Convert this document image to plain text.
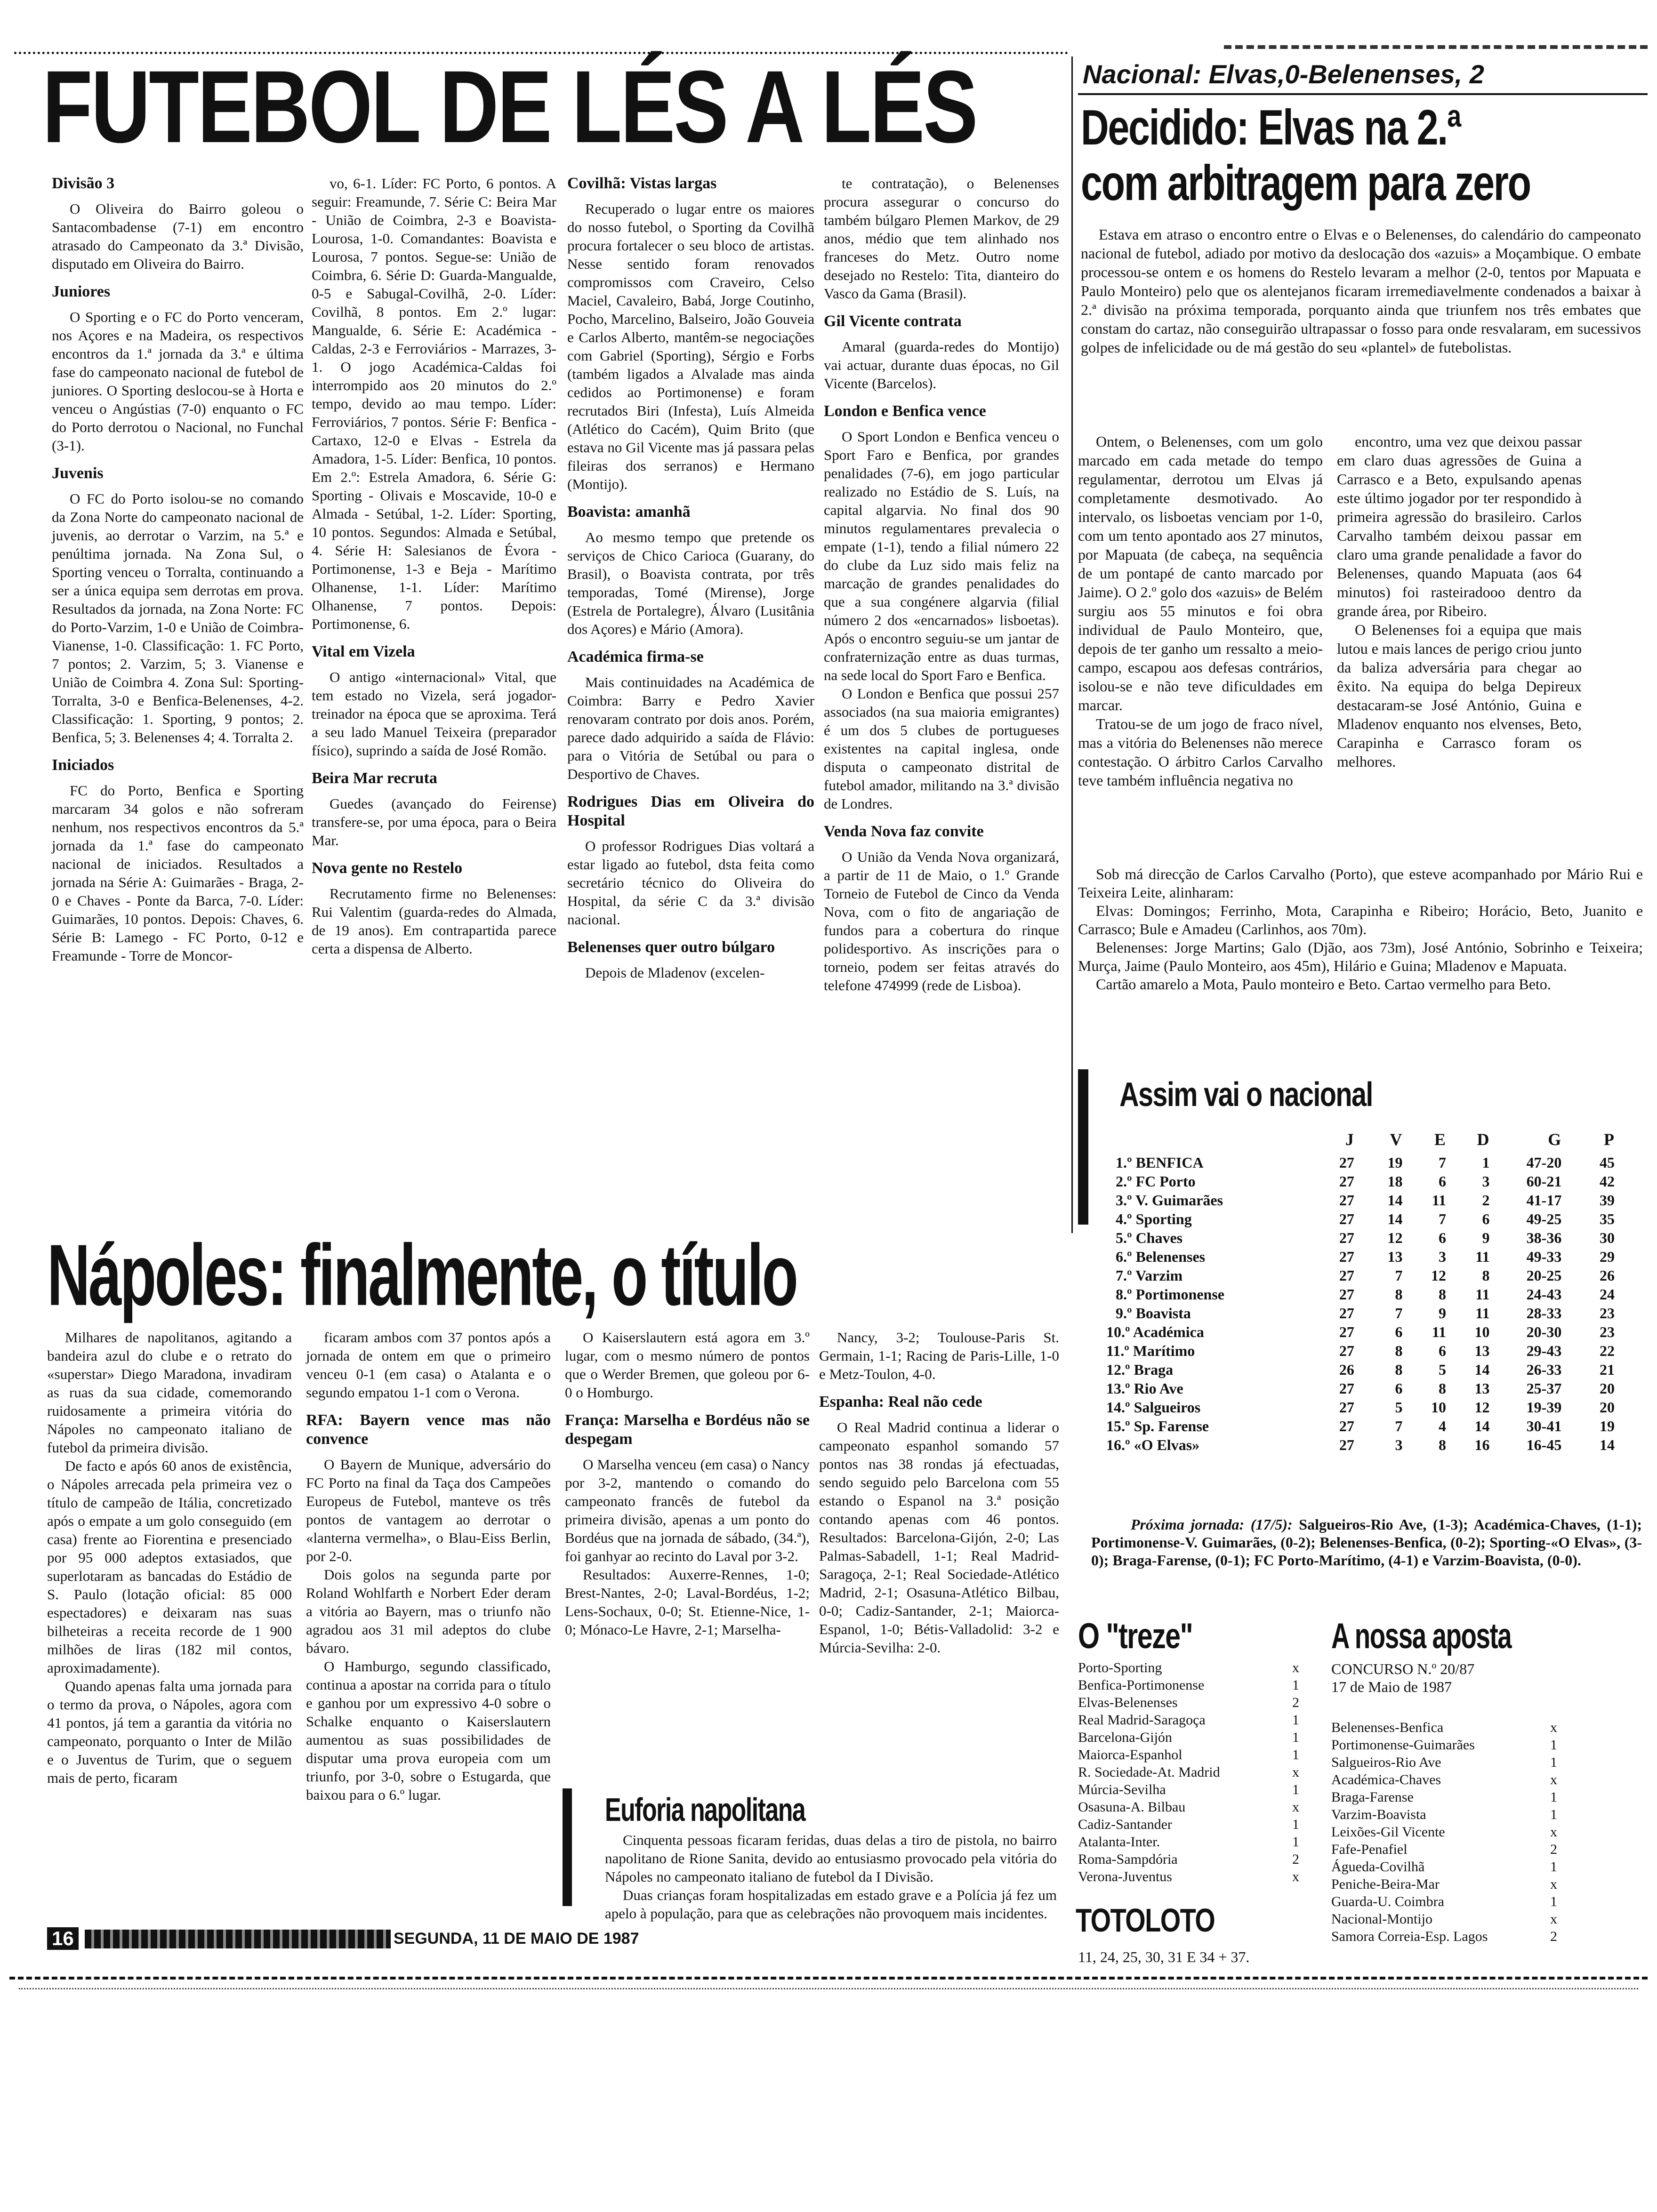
FUTEBOL DE LÉS A LÉS	Nacional: Elvas,0-Belenenses, 2
Decidido: Elvas na 2.ª
com arbitragem para zero
Divisão 3

O Oliveira do Bairro goleou o Santacombadense (7-1) em encontro atrasado do Campeonato da 3.ª Divisão, disputado em Oliveira do Bairro.

Juniores

O Sporting e o FC do Porto venceram, nos Açores e na Madeira, os respectivos encontros da 1.ª jornada da 3.ª e última fase do campeonato nacional de futebol de juniores. O Sporting deslocou-se à Horta e venceu o Angústias (7-0) enquanto o FC do Porto derrotou o Nacional, no Funchal (3-1).

Juvenis

O FC do Porto isolou-se no comando da Zona Norte do campeonato nacional de juvenis, ao derrotar o Varzim, na 5.ª e penúltima jornada. Na Zona Sul, o Sporting venceu o Torralta, continuando a ser a única equipa sem derrotas em prova. Resultados da jornada, na Zona Norte: FC do Porto-Varzim, 1-0 e União de Coimbra-Vianense, 1-0. Classificação: 1. FC Porto, 7 pontos; 2. Varzim, 5; 3. Vianense e União de Coimbra 4. Zona Sul: Sporting-Torralta, 3-0 e Benfica-Belenenses, 4-2. Classificação: 1. Sporting, 9 pontos; 2. Benfica, 5; 3. Belenenses 4; 4. Torralta 2.

Iniciados

FC do Porto, Benfica e Sporting marcaram 34 golos e não sofreram nenhum, nos respectivos encontros da 5.ª jornada da 1.ª fase do campeonato nacional de iniciados. Resultados a jornada na Série A: Guimarães - Braga, 2-0 e Chaves - Ponte da Barca, 7-0. Líder: Guimarães, 10 pontos. Depois: Chaves, 6. Série B: Lamego - FC Porto, 0-12 e Freamunde - Torre de Moncor-

vo, 6-1. Líder: FC Porto, 6 pontos. A seguir: Freamunde, 7. Série C: Beira Mar - União de Coimbra, 2-3 e Boavista-Lourosa, 1-0. Comandantes: Boavista e Lourosa, 7 pontos. Segue-se: União de Coimbra, 6. Série D: Guarda-Mangualde, 0-5 e Sabugal-Covilhã, 2-0. Líder: Covilhã, 8 pontos. Em 2.º lugar: Mangualde, 6. Série E: Académica - Caldas, 2-3 e Ferroviários - Marrazes, 3-1. O jogo Académica-Caldas foi interrompido aos 20 minutos do 2.º tempo, devido ao mau tempo. Líder: Ferroviários, 7 pontos. Série F: Benfica - Cartaxo, 12-0 e Elvas - Estrela da Amadora, 1-5. Líder: Benfica, 10 pontos. Em 2.º: Estrela Amadora, 6. Série G: Sporting - Olivais e Moscavide, 10-0 e Almada - Setúbal, 1-2. Líder: Sporting, 10 pontos. Segundos: Almada e Setúbal, 4. Série H: Salesianos de Évora - Portimonense, 1-3 e Beja - Marítimo Olhanense, 1-1. Líder: Marítimo Olhanense, 7 pontos. Depois: Portimonense, 6.

Vital em Vizela

O antigo «internacional» Vital, que tem estado no Vizela, será jogador-treinador na época que se aproxima. Terá a seu lado Manuel Teixeira (preparador físico), suprindo a saída de José Romão.

Beira Mar recruta

Guedes (avançado do Feirense) transfere-se, por uma época, para o Beira Mar.

Nova gente no Restelo

Recrutamento firme no Belenenses: Rui Valentim (guarda-redes do Almada, de 19 anos). Em contrapartida parece certa a dispensa de Alberto.

Covilhã: Vistas largas

Recuperado o lugar entre os maiores do nosso futebol, o Sporting da Covilhã procura fortalecer o seu bloco de artistas. Nesse sentido foram renovados compromissos com Craveiro, Celso Maciel, Cavaleiro, Babá, Jorge Coutinho, Pocho, Marcelino, Balseiro, João Gouveia e Carlos Alberto, mantêm-se negociações com Gabriel (Sporting), Sérgio e Forbs (também ligados a Alvalade mas ainda cedidos ao Portimonense) e foram recrutados Biri (Infesta), Luís Almeida (Atlético do Cacém), Quim Brito (que estava no Gil Vicente mas já passara pelas fileiras dos serranos) e Hermano (Montijo).

Boavista: amanhã

Ao mesmo tempo que pretende os serviços de Chico Carioca (Guarany, do Brasil), o Boavista contrata, por três temporadas, Tomé (Mirense), Jorge (Estrela de Portalegre), Álvaro (Lusitânia dos Açores) e Mário (Amora).

Académica firma-se

Mais continuidades na Académica de Coimbra: Barry e Pedro Xavier renovaram contrato por dois anos. Porém, parece dado adquirido a saída de Flávio: para o Vitória de Setúbal ou para o Desportivo de Chaves.

Rodrigues Dias em Oliveira do Hospital

O professor Rodrigues Dias voltará a estar ligado ao futebol, dsta feita como secretário técnico do Oliveira do Hospital, da série C da 3.ª divisão nacional.

Belenenses quer outro búlgaro

Depois de Mladenov (excelen-

te contratação), o Belenenses procura assegurar o concurso do também búlgaro Plemen Markov, de 29 anos, médio que tem alinhado nos franceses do Metz. Outro nome desejado no Restelo: Tita, dianteiro do Vasco da Gama (Brasil).

Gil Vicente contrata

Amaral (guarda-redes do Montijo) vai actuar, durante duas épocas, no Gil Vicente (Barcelos).

London e Benfica vence

O Sport London e Benfica venceu o Sport Faro e Benfica, por grandes penalidades (7-6), em jogo particular realizado no Estádio de S. Luís, na capital algarvia. No final dos 90 minutos regulamentares prevalecia o empate (1-1), tendo a filial número 22 do clube da Luz sido mais feliz na marcação de grandes penalidades do que a sua congénere algarvia (filial número 2 dos «encarnados» lisboetas). Após o encontro seguiu-se um jantar de confraternização entre as duas turmas, na sede local do Sport Faro e Benfica.

O London e Benfica que possui 257 associados (na sua maioria emigrantes) é um dos 5 clubes de portugueses existentes na capital inglesa, onde disputa o campeonato distrital de futebol amador, militando na 3.ª divisão de Londres.

Venda Nova faz convite

O União da Venda Nova organizará, a partir de 11 de Maio, o 1.º Grande Torneio de Futebol de Cinco da Venda Nova, com o fito de angariação de fundos para a cobertura do rinque polidesportivo. As inscrições para o torneio, podem ser feitas através do telefone 474999 (rede de Lisboa).

Estava em atraso o encontro entre o Elvas e o Belenenses, do calendário do campeonato nacional de futebol, adiado por motivo da deslocação dos «azuis» a Moçambique. O embate processou-se ontem e os homens do Restelo levaram a melhor (2-0, tentos por Mapuata e Paulo Monteiro) pelo que os alentejanos ficaram irremediavelmente condenados a baixar à 2.ª divisão na próxima temporada, porquanto ainda que triunfem nos três embates que constam do cartaz, não conseguirão ultrapassar o fosso para onde resvalaram, em sucessivos golpes de infelicidade ou de má gestão do seu «plantel» de futebolistas.

Ontem, o Belenenses, com um golo marcado em cada metade do tempo regulamentar, derrotou um Elvas já completamente desmotivado. Ao intervalo, os lisboetas venciam por 1-0, com um tento apontado aos 27 minutos, por Mapuata (de cabeça, na sequência de um pontapé de canto marcado por Jaime). O 2.º golo dos «azuis» de Belém surgiu aos 55 minutos e foi obra individual de Paulo Monteiro, que, depois de ter ganho um ressalto a meio-campo, escapou aos defesas contrários, isolou-se e não teve dificuldades em marcar.

Tratou-se de um jogo de fraco nível, mas a vitória do Belenenses não merece contestação. O árbitro Carlos Carvalho teve também influência negativa no

encontro, uma vez que deixou passar em claro duas agressões de Guina a Carrasco e a Beto, expulsando apenas este último jogador por ter respondido à primeira agressão do brasileiro. Carlos Carvalho também deixou passar em claro uma grande penalidade a favor do Belenenses, quando Mapuata (aos 64 minutos) foi rasteiradooo dentro da grande área, por Ribeiro.

O Belenenses foi a equipa que mais lutou e mais lances de perigo criou junto da baliza adversária para chegar ao êxito. Na equipa do belga Depireux destacaram-se José António, Guina e Mladenov enquanto nos elvenses, Beto, Carapinha e Carrasco foram os melhores.

Sob má direcção de Carlos Carvalho (Porto), que esteve acompanhado por Mário Rui e Teixeira Leite, alinharam:

Elvas: Domingos; Ferrinho, Mota, Carapinha e Ribeiro; Horácio, Beto, Juanito e Carrasco; Bule e Amadeu (Carlinhos, aos 70m).

Belenenses: Jorge Martins; Galo (Djão, aos 73m), José António, Sobrinho e Teixeira; Murça, Jaime (Paulo Monteiro, aos 45m), Hilário e Guina; Mladenov e Mapuata.

Cartão amarelo a Mota, Paulo monteiro e Beto. Cartao vermelho para Beto.

Assim vai o nacional
	J	V	E	D	G	P
1.º BENFICA	27	19	7	1	47-20	45
2.º FC Porto	27	18	6	3	60-21	42
3.º V. Guimarães	27	14	11	2	41-17	39
4.º Sporting	27	14	7	6	49-25	35
5.º Chaves	27	12	6	9	38-36	30
6.º Belenenses	27	13	3	11	49-33	29
7.º Varzim	27	7	12	8	20-25	26
8.º Portimonense	27	8	8	11	24-43	24
9.º Boavista	27	7	9	11	28-33	23
10.º Académica	27	6	11	10	20-30	23
11.º Marítimo	27	8	6	13	29-43	22
12.º Braga	26	8	5	14	26-33	21
13.º Rio Ave	27	6	8	13	25-37	20
14.º Salgueiros	27	5	10	12	19-39	20
15.º Sp. Farense	27	7	4	14	30-41	19
16.º «O Elvas»	27	3	8	16	16-45	14
Próxima jornada: (17/5): Salgueiros-Rio Ave, (1-3); Académica-Chaves, (1-1); Portimonense-V. Guimarães, (0-2); Belenenses-Benfica, (0-2); Sporting-«O Elvas», (3-0); Braga-Farense, (0-1); FC Porto-Marítimo, (4-1) e Varzim-Boavista, (0-0).
O "treze"
Porto-Sporting	x
Benfica-Portimonense	1
Elvas-Belenenses	2
Real Madrid-Saragoça	1
Barcelona-Gijón	1
Maiorca-Espanhol	1
R. Sociedade-At. Madrid	x
Múrcia-Sevilha	1
Osasuna-A. Bilbau	x
Cadiz-Santander	1
Atalanta-Inter.	1
Roma-Sampdória	2
Verona-Juventus	x
TOTOLOTO
11, 24, 25, 30, 31 E 34 + 37.
A nossa aposta
CONCURSO N.º 20/87
17 de Maio de 1987
Belenenses-Benfica	x
Portimonense-Guimarães	1
Salgueiros-Rio Ave	1
Académica-Chaves	x
Braga-Farense	1
Varzim-Boavista	1
Leixões-Gil Vicente	x
Fafe-Penafiel	2
Águeda-Covilhã	1
Peniche-Beira-Mar	x
Guarda-U. Coimbra	1
Nacional-Montijo	x
Samora Correia-Esp. Lagos	2
Nápoles: finalmente, o título

Milhares de napolitanos, agitando a bandeira azul do clube e o retrato do «superstar» Diego Maradona, invadiram as ruas da sua cidade, comemorando ruidosamente a primeira vitória do Nápoles no campeonato italiano de futebol da primeira divisão.

De facto e após 60 anos de existência, o Nápoles arrecada pela primeira vez o título de campeão de Itália, concretizado após o empate a um golo conseguido (em casa) frente ao Fiorentina e presenciado por 95 000 adeptos extasiados, que superlotaram as bancadas do Estádio de S. Paulo (lotação oficial: 85 000 espectadores) e deixaram nas suas bilheteiras a receita recorde de 1 900 milhões de liras (182 mil contos, aproximadamente).

Quando apenas falta uma jornada para o termo da prova, o Nápoles, agora com 41 pontos, já tem a garantia da vitória no campeonato, porquanto o Inter de Milão e o Juventus de Turim, que o seguem mais de perto, ficaram

ficaram ambos com 37 pontos após a jornada de ontem em que o primeiro venceu 0-1 (em casa) o Atalanta e o segundo empatou 1-1 com o Verona.

RFA: Bayern vence mas não convence

O Bayern de Munique, adversário do FC Porto na final da Taça dos Campeões Europeus de Futebol, manteve os três pontos de vantagem ao derrotar o «lanterna vermelha», o Blau-Eiss Berlin, por 2-0.

Dois golos na segunda parte por Roland Wohlfarth e Norbert Eder deram a vitória ao Bayern, mas o triunfo não agradou aos 31 mil adeptos do clube bávaro.

O Hamburgo, segundo classificado, continua a apostar na corrida para o título e ganhou por um expressivo 4-0 sobre o Schalke enquanto o Kaiserslautern aumentou as suas possibilidades de disputar uma prova europeia com um triunfo, por 3-0, sobre o Estugarda, que baixou para o 6.º lugar.

O Kaiserslautern está agora em 3.º lugar, com o mesmo número de pontos que o Werder Bremen, que goleou por 6-0 o Homburgo.

França: Marselha e Bordéus não se despegam

O Marselha venceu (em casa) o Nancy por 3-2, mantendo o comando do campeonato francês de futebol da primeira divisão, apenas a um ponto do Bordéus que na jornada de sábado, (34.ª), foi ganhyar ao recinto do Laval por 3-2.

Resultados: Auxerre-Rennes, 1-0; Brest-Nantes, 2-0; Laval-Bordéus, 1-2; Lens-Sochaux, 0-0; St. Etienne-Nice, 1-0; Mónaco-Le Havre, 2-1; Marselha-

Nancy, 3-2; Toulouse-Paris St. Germain, 1-1; Racing de Paris-Lille, 1-0 e Metz-Toulon, 4-0.

Espanha: Real não cede

O Real Madrid continua a liderar o campeonato espanhol somando 57 pontos nas 38 rondas já efectuadas, sendo seguido pelo Barcelona com 55 estando o Espanol na 3.ª posição contando apenas com 46 pontos. Resultados: Barcelona-Gijón, 2-0; Las Palmas-Sabadell, 1-1; Real Madrid-Saragoça, 2-1; Real Sociedade-Atlético Madrid, 2-1; Osasuna-Atlético Bilbau, 0-0; Cadiz-Santander, 2-1; Maiorca-Espanol, 1-0; Bétis-Valladolid: 3-2 e Múrcia-Sevilha: 2-0.

Euforia napolitana

Cinquenta pessoas ficaram feridas, duas delas a tiro de pistola, no bairro napolitano de Rione Sanita, devido ao entusiasmo provocado pela vitória do Nápoles no campeonato italiano de futebol da I Divisão.

Duas crianças foram hospitalizadas em estado grave e a Polícia já fez um apelo à população, para que as celebrações não provoquem mais incidentes.

16	SEGUNDA, 11 DE MAIO DE 1987
